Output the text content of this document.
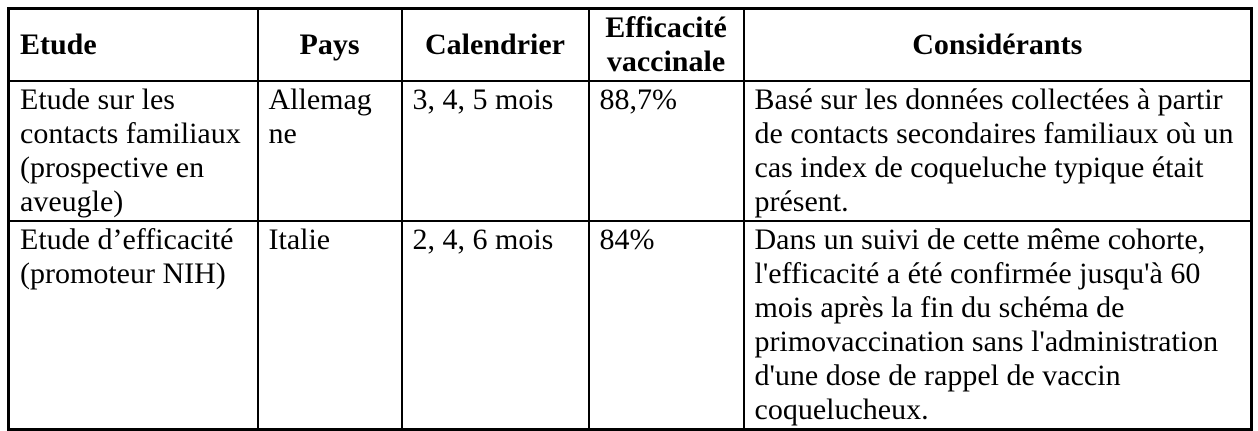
Etude	Pays	Calendrier	Efficacité vaccinale	Considérants
Etude sur les contacts familiaux (prospective en aveugle)	Allemagne	3, 4, 5 mois	88,7%	Basé sur les données collectées à partir de contacts secondaires familiaux où un cas index de coqueluche typique était présent.
Etude d’efficacité (promoteur NIH)	Italie	2, 4, 6 mois	84%	Dans un suivi de cette même cohorte, l'efficacité a été confirmée jusqu'à 60 mois après la fin du schéma de primovaccination sans l'administration d'une dose de rappel de vaccin coquelucheux.
